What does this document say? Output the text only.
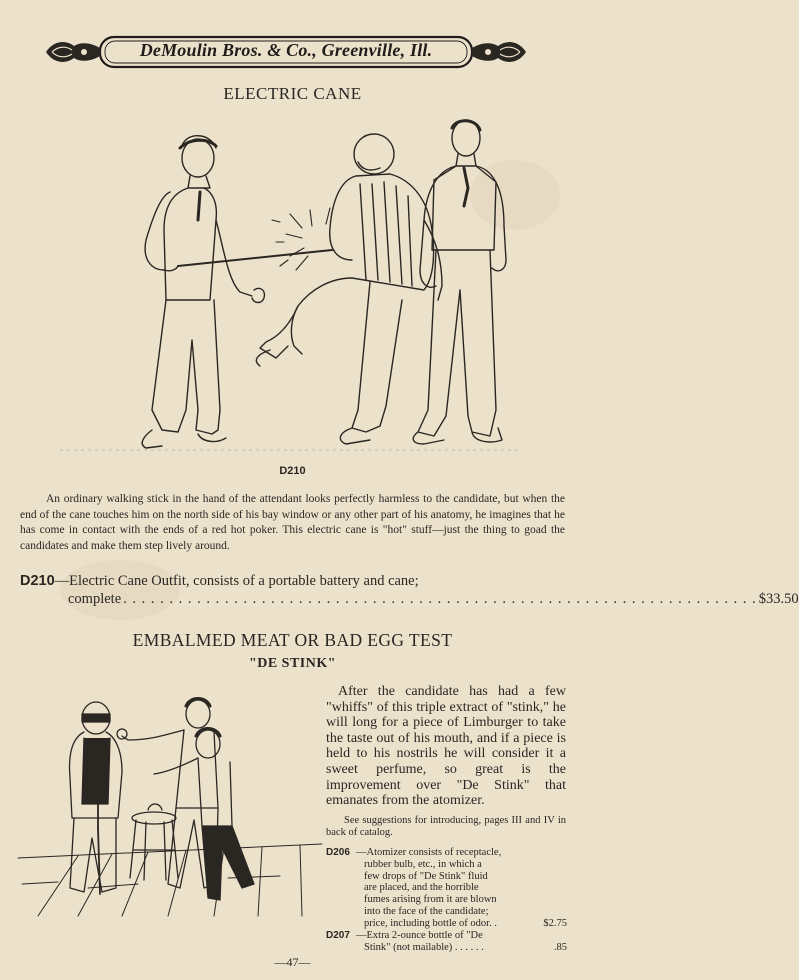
DeMoulin Bros. & Co., Greenville, Ill.
ELECTRIC CANE
D210
An ordinary walking stick in the hand of the attendant looks perfectly harmless to the candidate, but when the end of the cane touches him on the north side of his bay window or any other part of his anatomy, he imagines that he has come in contact with the ends of a red hot poker. This electric cane is "hot" stuff—just the thing to goad the candidates and make them step lively around.
D210—Electric Cane Outfit, consists of a portable battery and cane;
complete . . . . . . . . . . . . . . . . . . . . . . . . . . . . . . . . . . . . . . . . . . . . . . . . . . . . . . . . . . . . . . . . . . . . . $33.50
EMBALMED MEAT OR BAD EGG TEST
"DE STINK"
After the candidate has had a few "whiffs" of this triple extract of "stink," he will long for a piece of Limburger to take the taste out of his mouth, and if a piece is held to his nostrils he will consider it a sweet perfume, so great is the improvement over "De Stink" that emanates from the atomizer.
See suggestions for introducing, pages III and IV in back of catalog.
D206 —Atomizer consists of receptacle,
rubber bulb, etc., in which a
few drops of "De Stink" fluid
are placed, and the horrible
fumes arising from it are blown
into the face of the candidate;
price, including bottle of odor. .	$2.75
D207 —Extra 2-ounce bottle of "De
Stink" (not mailable) . . . . . .	.85
—47—
